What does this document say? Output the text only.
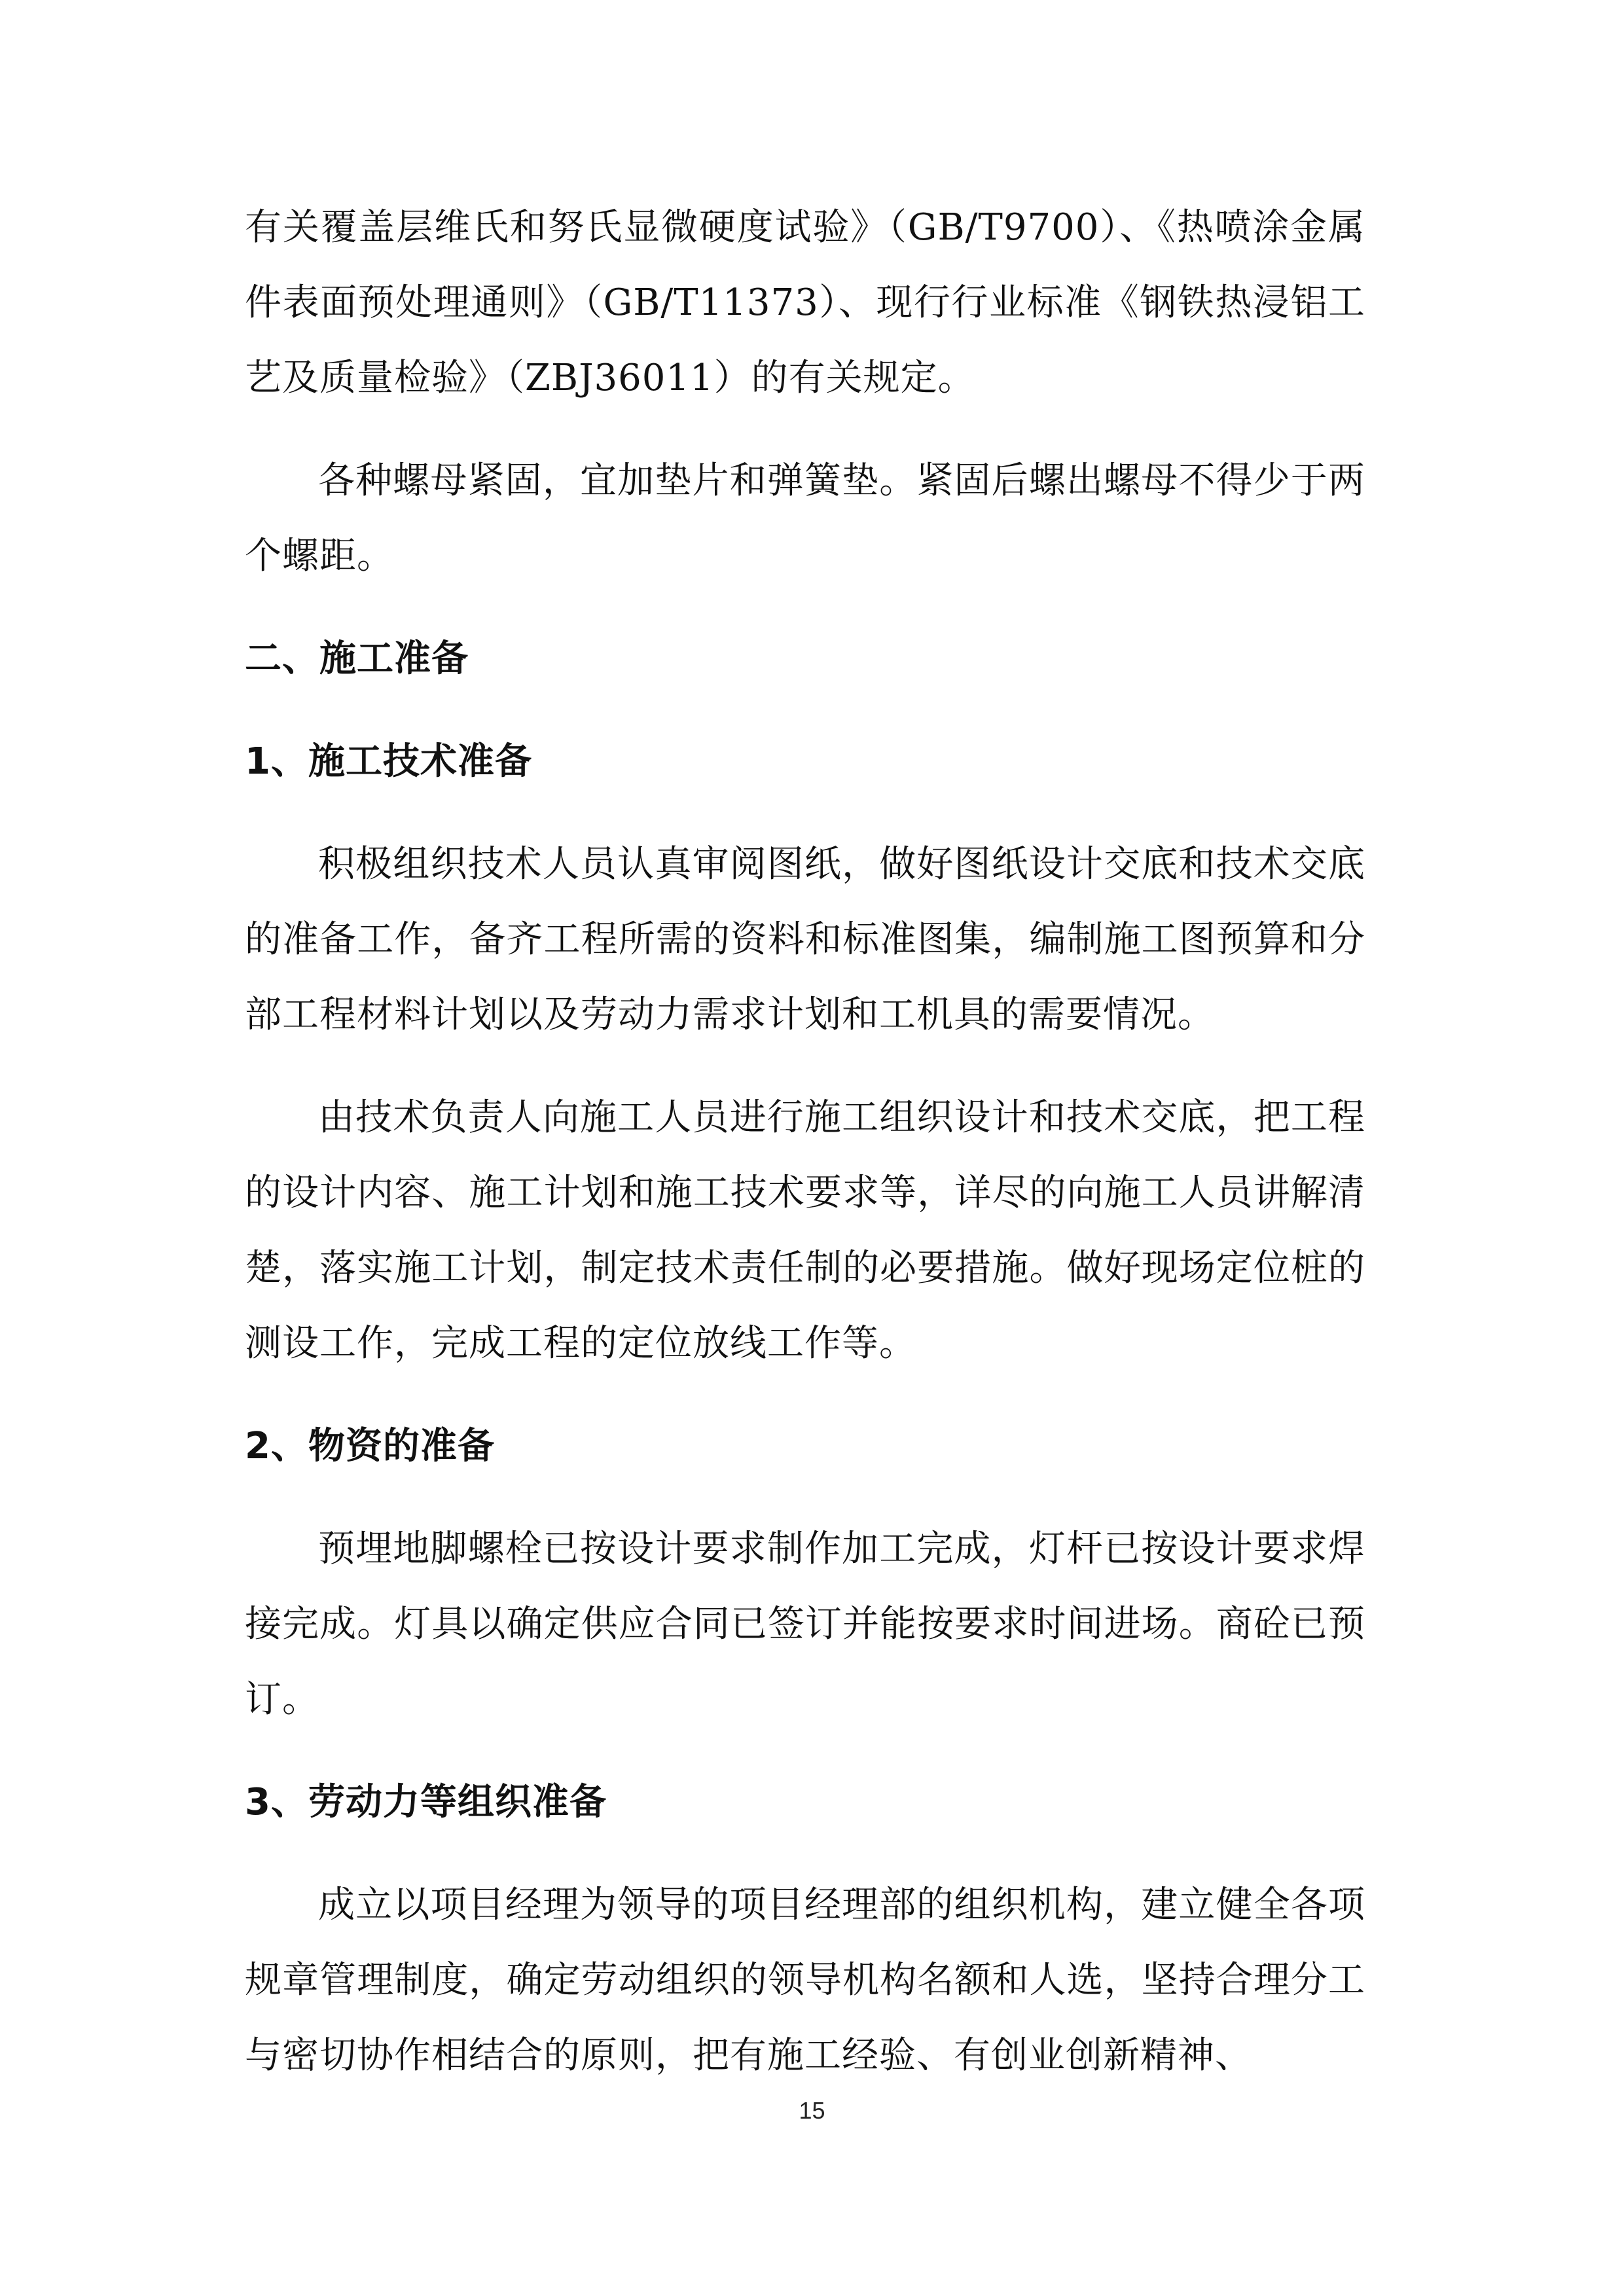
有关覆盖层维氏和努氏显微硬度试验》（GB/T9700）、《热喷涂金属件表面预处理通则》（GB/T11373）、现行行业标准《钢铁热浸铝工艺及质量检验》（ZBJ36011）的有关规定。

各种螺母紧固，宜加垫片和弹簧垫。紧固后螺出螺母不得少于两个螺距。

二、施工准备
1、施工技术准备

积极组织技术人员认真审阅图纸，做好图纸设计交底和技术交底的准备工作，备齐工程所需的资料和标准图集，编制施工图预算和分部工程材料计划以及劳动力需求计划和工机具的需要情况。

由技术负责人向施工人员进行施工组织设计和技术交底，把工程的设计内容、施工计划和施工技术要求等，详尽的向施工人员讲解清楚，落实施工计划，制定技术责任制的必要措施。做好现场定位桩的测设工作，完成工程的定位放线工作等。

2、物资的准备

预埋地脚螺栓已按设计要求制作加工完成，灯杆已按设计要求焊接完成。灯具以确定供应合同已签订并能按要求时间进场。商砼已预订。

3、劳动力等组织准备

成立以项目经理为领导的项目经理部的组织机构，建立健全各项规章管理制度，确定劳动组织的领导机构名额和人选，坚持合理分工与密切协作相结合的原则，把有施工经验、有创业创新精神、

15
